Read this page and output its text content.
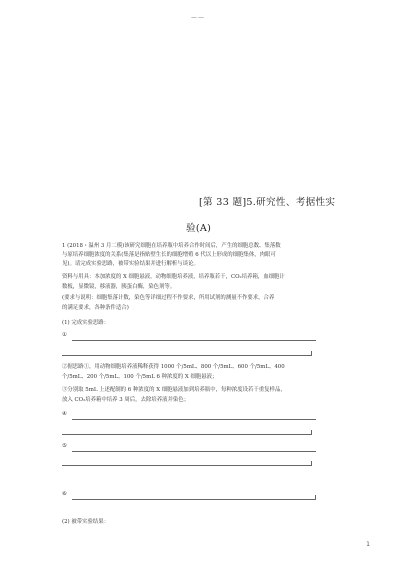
——
[第 33 题]5.研究性、考据性实
验(A)
1 (2018・温州 3 月二模)该研究细胞在培养瓶中培养合作时间后，产生的细胞总数、集落数
与原培养细胞浓度的关系(集落是指贴壁生长的细胞增殖 6 代以上形成的细胞集体，肉眼可
见)。请完成实验思路，被带实验结果并进行解析与谈论。
资料与用具：本加浓度的 X 细胞悬液，动物细胞培养液，培养瓶若干，CO₂培养箱，血细胞计
数板，显微镜，移液器，胰蛋白酶，染色剂等。
(要求与说明：细胞集落计数，染色等详细过程不作要求，所用试剂的测量不作要求，合养
的满足要求，各种条件适合)
(1) 完成实验思路：
①
②据思路①，用动物细胞培养液稀释获得 1000 个/5mL、800 个/5mL、600 个/5mL、400
个/5mL、200 个/5mL、100 个/5mL 6 种浓度的 X 细胞悬液；
③分别取 5mL 上述配制的 6 种浓度的 X 细胞悬液加到培养瓶中，每种浓度设若干重复样品，
放入 CO₂培养箱中培养 3 周后，去除培养液并染色；
④
⑤
⑥
(2) 被带实验结果：
1
